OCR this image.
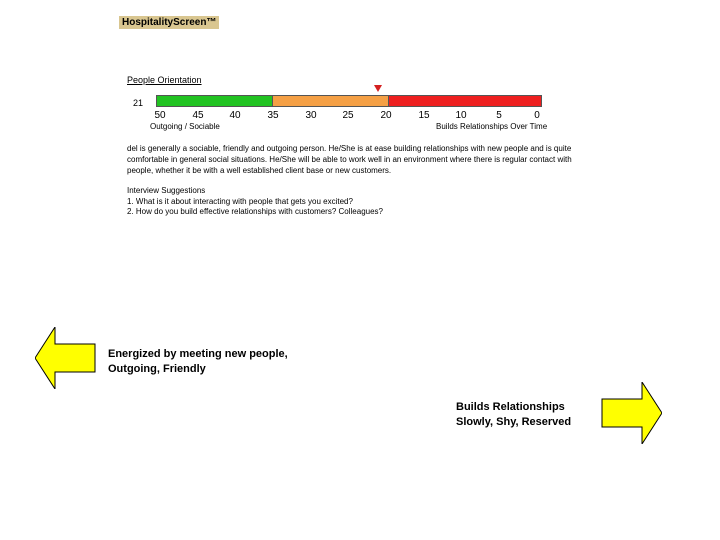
HospitalityScreen™
People Orientation
21
50	45	40	35	30	25	20	15	10	5	0
Outgoing / Sociable	Builds Relationships Over Time
del is generally a sociable, friendly and outgoing person. He/She is at ease building relationships with new people and is quite
comfortable in general social situations. He/She will be able to work well in an environment where there is regular contact with
people, whether it be with a well established client base or new customers.
Interview Suggestions
1. What is it about interacting with people that gets you excited?
2. How do you build effective relationships with customers? Colleagues?
Energized by meeting new people,
Outgoing, Friendly
Builds Relationships
Slowly, Shy, Reserved
